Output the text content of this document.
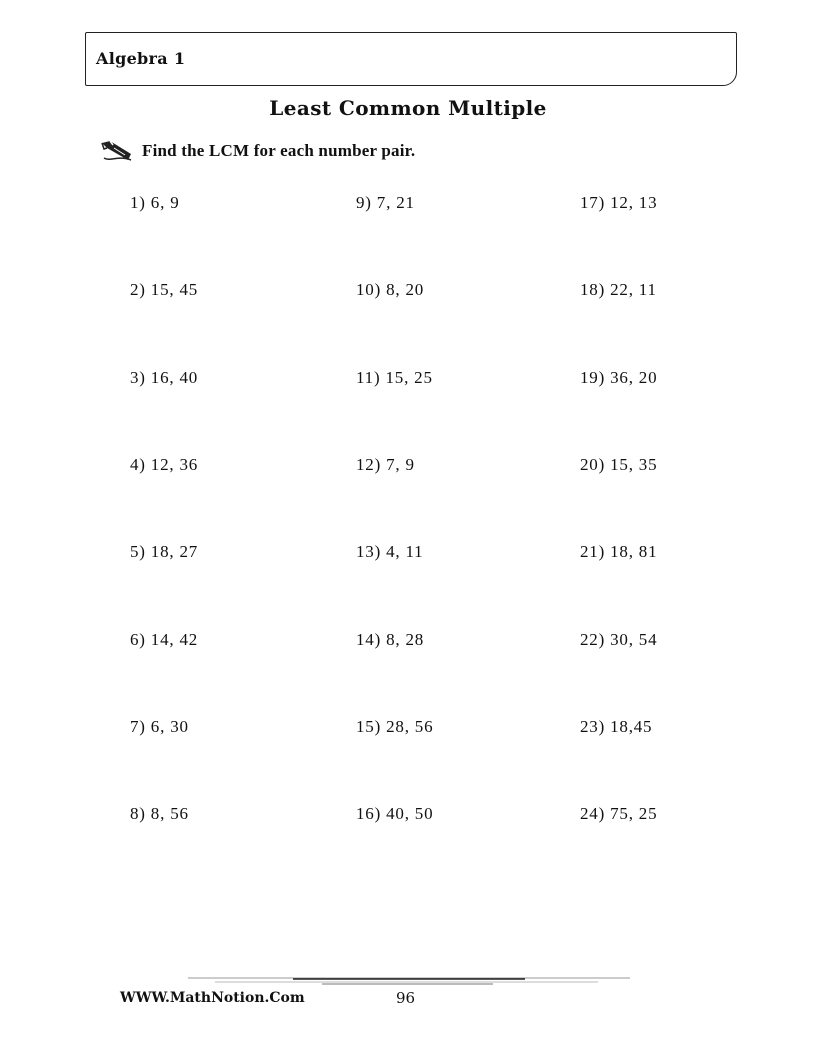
Algebra 1
Least Common Multiple
Find the LCM for each number pair.
1) 6, 9
2) 15, 45
3) 16, 40
4) 12, 36
5) 18, 27
6) 14, 42
7) 6, 30
8) 8, 56
9) 7, 21
10) 8, 20
11) 15, 25
12) 7, 9
13) 4, 11
14) 8, 28
15) 28, 56
16) 40, 50
17) 12, 13
18) 22, 11
19) 36, 20
20) 15, 35
21) 18, 81
22) 30, 54
23) 18,45
24) 75, 25
WWW.MathNotion.Com	96
